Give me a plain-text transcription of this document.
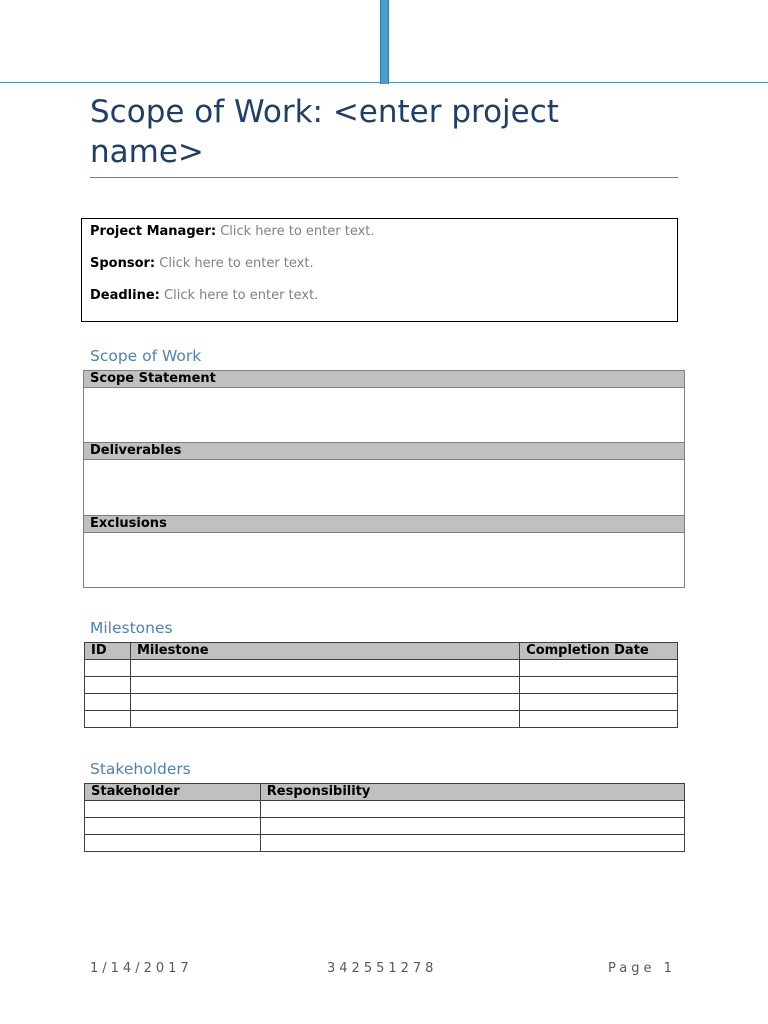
Scope of Work: <enter project name>
Project Manager: Click here to enter text.
Sponsor: Click here to enter text.
Deadline: Click here to enter text.
Scope of Work
Scope Statement
Deliverables
Exclusions
Milestones
ID	Milestone	Completion Date

Stakeholders
Stakeholder	Responsibility

1/14/2017	342551278	Page 1
